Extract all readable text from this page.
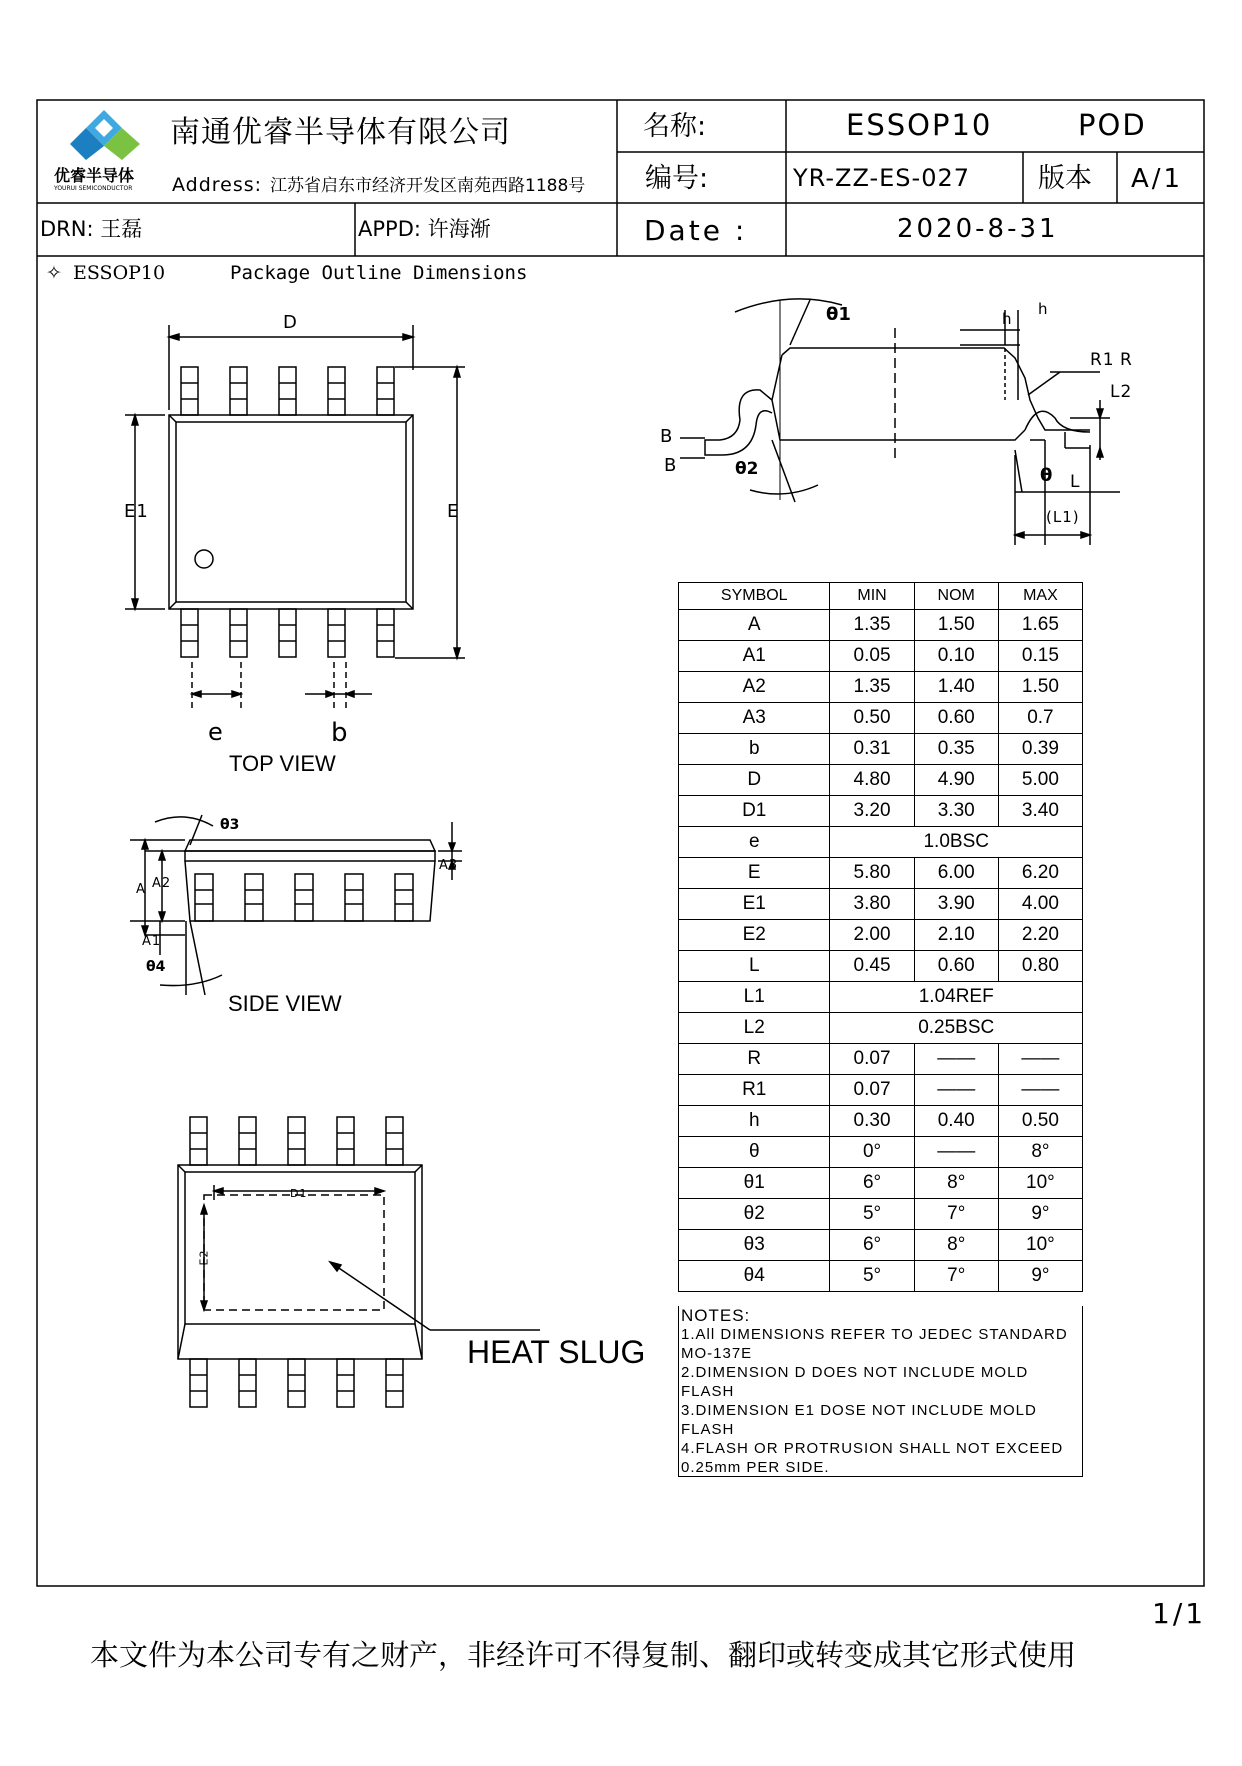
南通优睿半导体有限公司
优睿半导体
YOURUI SEMICONDUCTOR Address: 江苏省启东市经济开发区南苑西路1188号
名称:	ESSOP10	POD
编号:	YR-ZZ-ES-027	版本 A/1
DRN: 王磊	APPD: 许海渐	Date :	2020-8-31
✧ ESSOP10	Package Outline Dimensions
D
E1	E
e	b
TOP VIEW
θ3
A A2
A3
A1
θ4
SIDE VIEW
θ1	h
h
R1 R
L2
B
B	θ2	θ L
(L1)
D1
E2
HEAT SLUG
SYMBOL	MIN	NOM	MAX
A	1.35	1.50	1.65
A1	0.05	0.10	0.15
A2	1.35	1.40	1.50
A3	0.50	0.60	0.7
b	0.31	0.35	0.39
D	4.80	4.90	5.00
D1	3.20	3.30	3.40
e	1.0BSC		
E	5.80	6.00	6.20
E1	3.80	3.90	4.00
E2	2.00	2.10	2.20
L	0.45	0.60	0.80
L1	1.04REF		
L2	0.25BSC		
R	0.07	——	——
R1	0.07	——	——
h	0.30	0.40	0.50
θ	0°	——	8°
θ1	6°	8°	10°
θ2	5°	7°	9°
θ3	6°	8°	10°
θ4	5°	7°	9°
NOTES:
1.All DIMENSIONS REFER TO JEDEC STANDARD
MO-137E
2.DIMENSION D DOES NOT INCLUDE MOLD
FLASH
3.DIMENSION E1 DOSE NOT INCLUDE MOLD
FLASH
4.FLASH OR PROTRUSION SHALL NOT EXCEED
0.25mm PER SIDE.
1/1
本文件为本公司专有之财产，非经许可不得复制、翻印或转变成其它形式使用
